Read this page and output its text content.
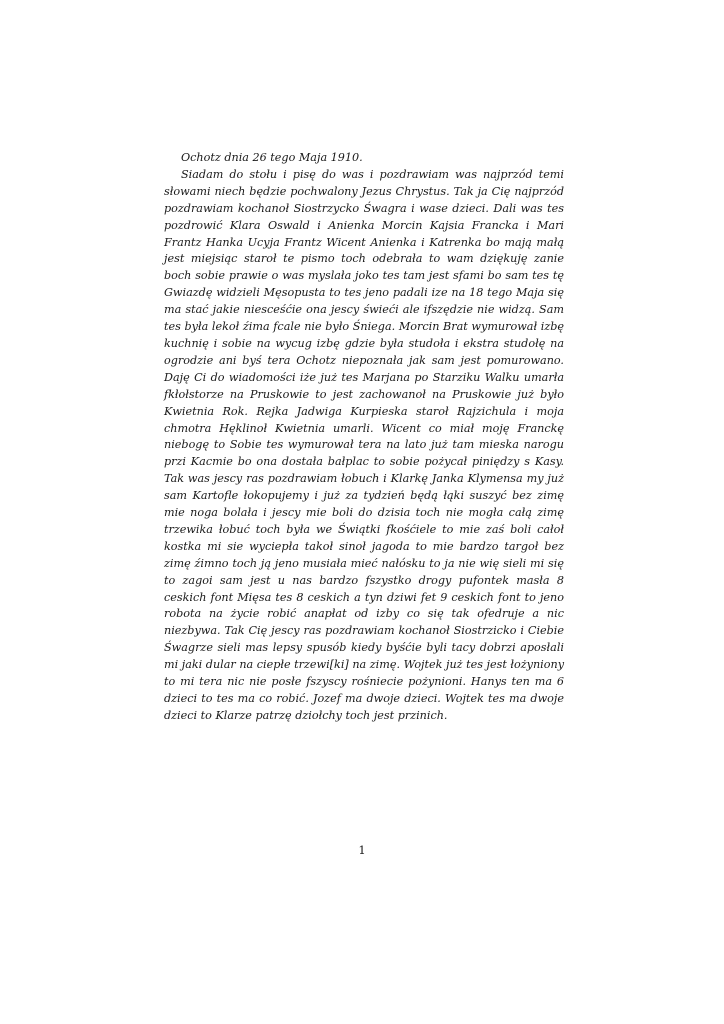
Ochotz dnia 26 tego Maja 1910.

Siadam do stołu i pisę do was i pozdrawiam was najprzód temi słowami niech będzie pochwalony Jezus Chrystus. Tak ja Cię najprzód pozdrawiam kochanoł Siostrzycko Śwagra i wase dzieci. Dali was tes pozdrowić Klara Oswald i Anienka Morcin Kajsia Francka i Mari Frantz Hanka Ucyja Frantz Wicent Anienka i Katrenka bo mają małą jest miejsiąc staroł te pismo toch odebrała to wam dziękuję zanie boch sobie prawie o was myslała joko tes tam jest sfami bo sam tes tę Gwiazdę widzieli Męsopusta to tes jeno padali ize na 18 tego Maja się ma stać jakie niesceśćie ona jescy świeći ale ifszędzie nie widzą. Sam tes była lekoł źima fcale nie było Śniega. Morcin Brat wymurował izbę kuchnię i sobie na wycug izbę gdzie była studoła i ekstra studołę na ogrodzie ani byś tera Ochotz niepoznała jak sam jest pomurowano. Daję Ci do wiadomości iże już tes Marjana po Starziku Walku umarła fkłołstorze na Pruskowie to jest zachowanoł na Pruskowie już było Kwietnia Rok. Rejka Jadwiga Kurpieska staroł Rajzichula i moja chmotra Hęklinoł Kwietnia umarli. Wicent co miał moję Franckę niebogę to Sobie tes wymurował tera na lato już tam mieska narogu przi Kacmie bo ona dostała bałplac to sobie pożycał piniędzy s Kasy. Tak was jescy ras pozdrawiam łobuch i Klarkę Janka Klymensa my już sam Kartofle łokopujemy i już za tydzień będą łąki suszyć bez zimę mie noga bolała i jescy mie boli do dzisia toch nie mogła całą zimę trzewika łobuć toch była we Świątki fkośćiele to mie zaś boli całoł kostka mi sie wyciepła takoł sinoł jagoda to mie bardzo targoł bez zimę źimno toch ją jeno musiała mieć nałósku to ja nie wię sieli mi się to zagoi sam jest u nas bardzo fszystko drogy pufontek masła 8 ceskich font Mięsa tes 8 ceskich a tyn dziwi fet 9 ceskich font to jeno robota na życie robić anapłat od izby co się tak ofedruje a nic niezbywa. Tak Cię jescy ras pozdrawiam kochanoł Siostrzicko i Ciebie Śwagrze sieli mas lepsy spusób kiedy byśćie byli tacy dobrzi aposłali mi jaki dular na ciepłe trzewi[ki] na zimę. Wojtek już tes jest łożyniony to mi tera nic nie posłe fszyscy rośniecie pożynioni. Hanys ten ma 6 dzieci to tes ma co robić. Jozef ma dwoje dzieci. Wojtek tes ma dwoje dzieci to Klarze patrzę dziołchy toch jest przinich.

1
